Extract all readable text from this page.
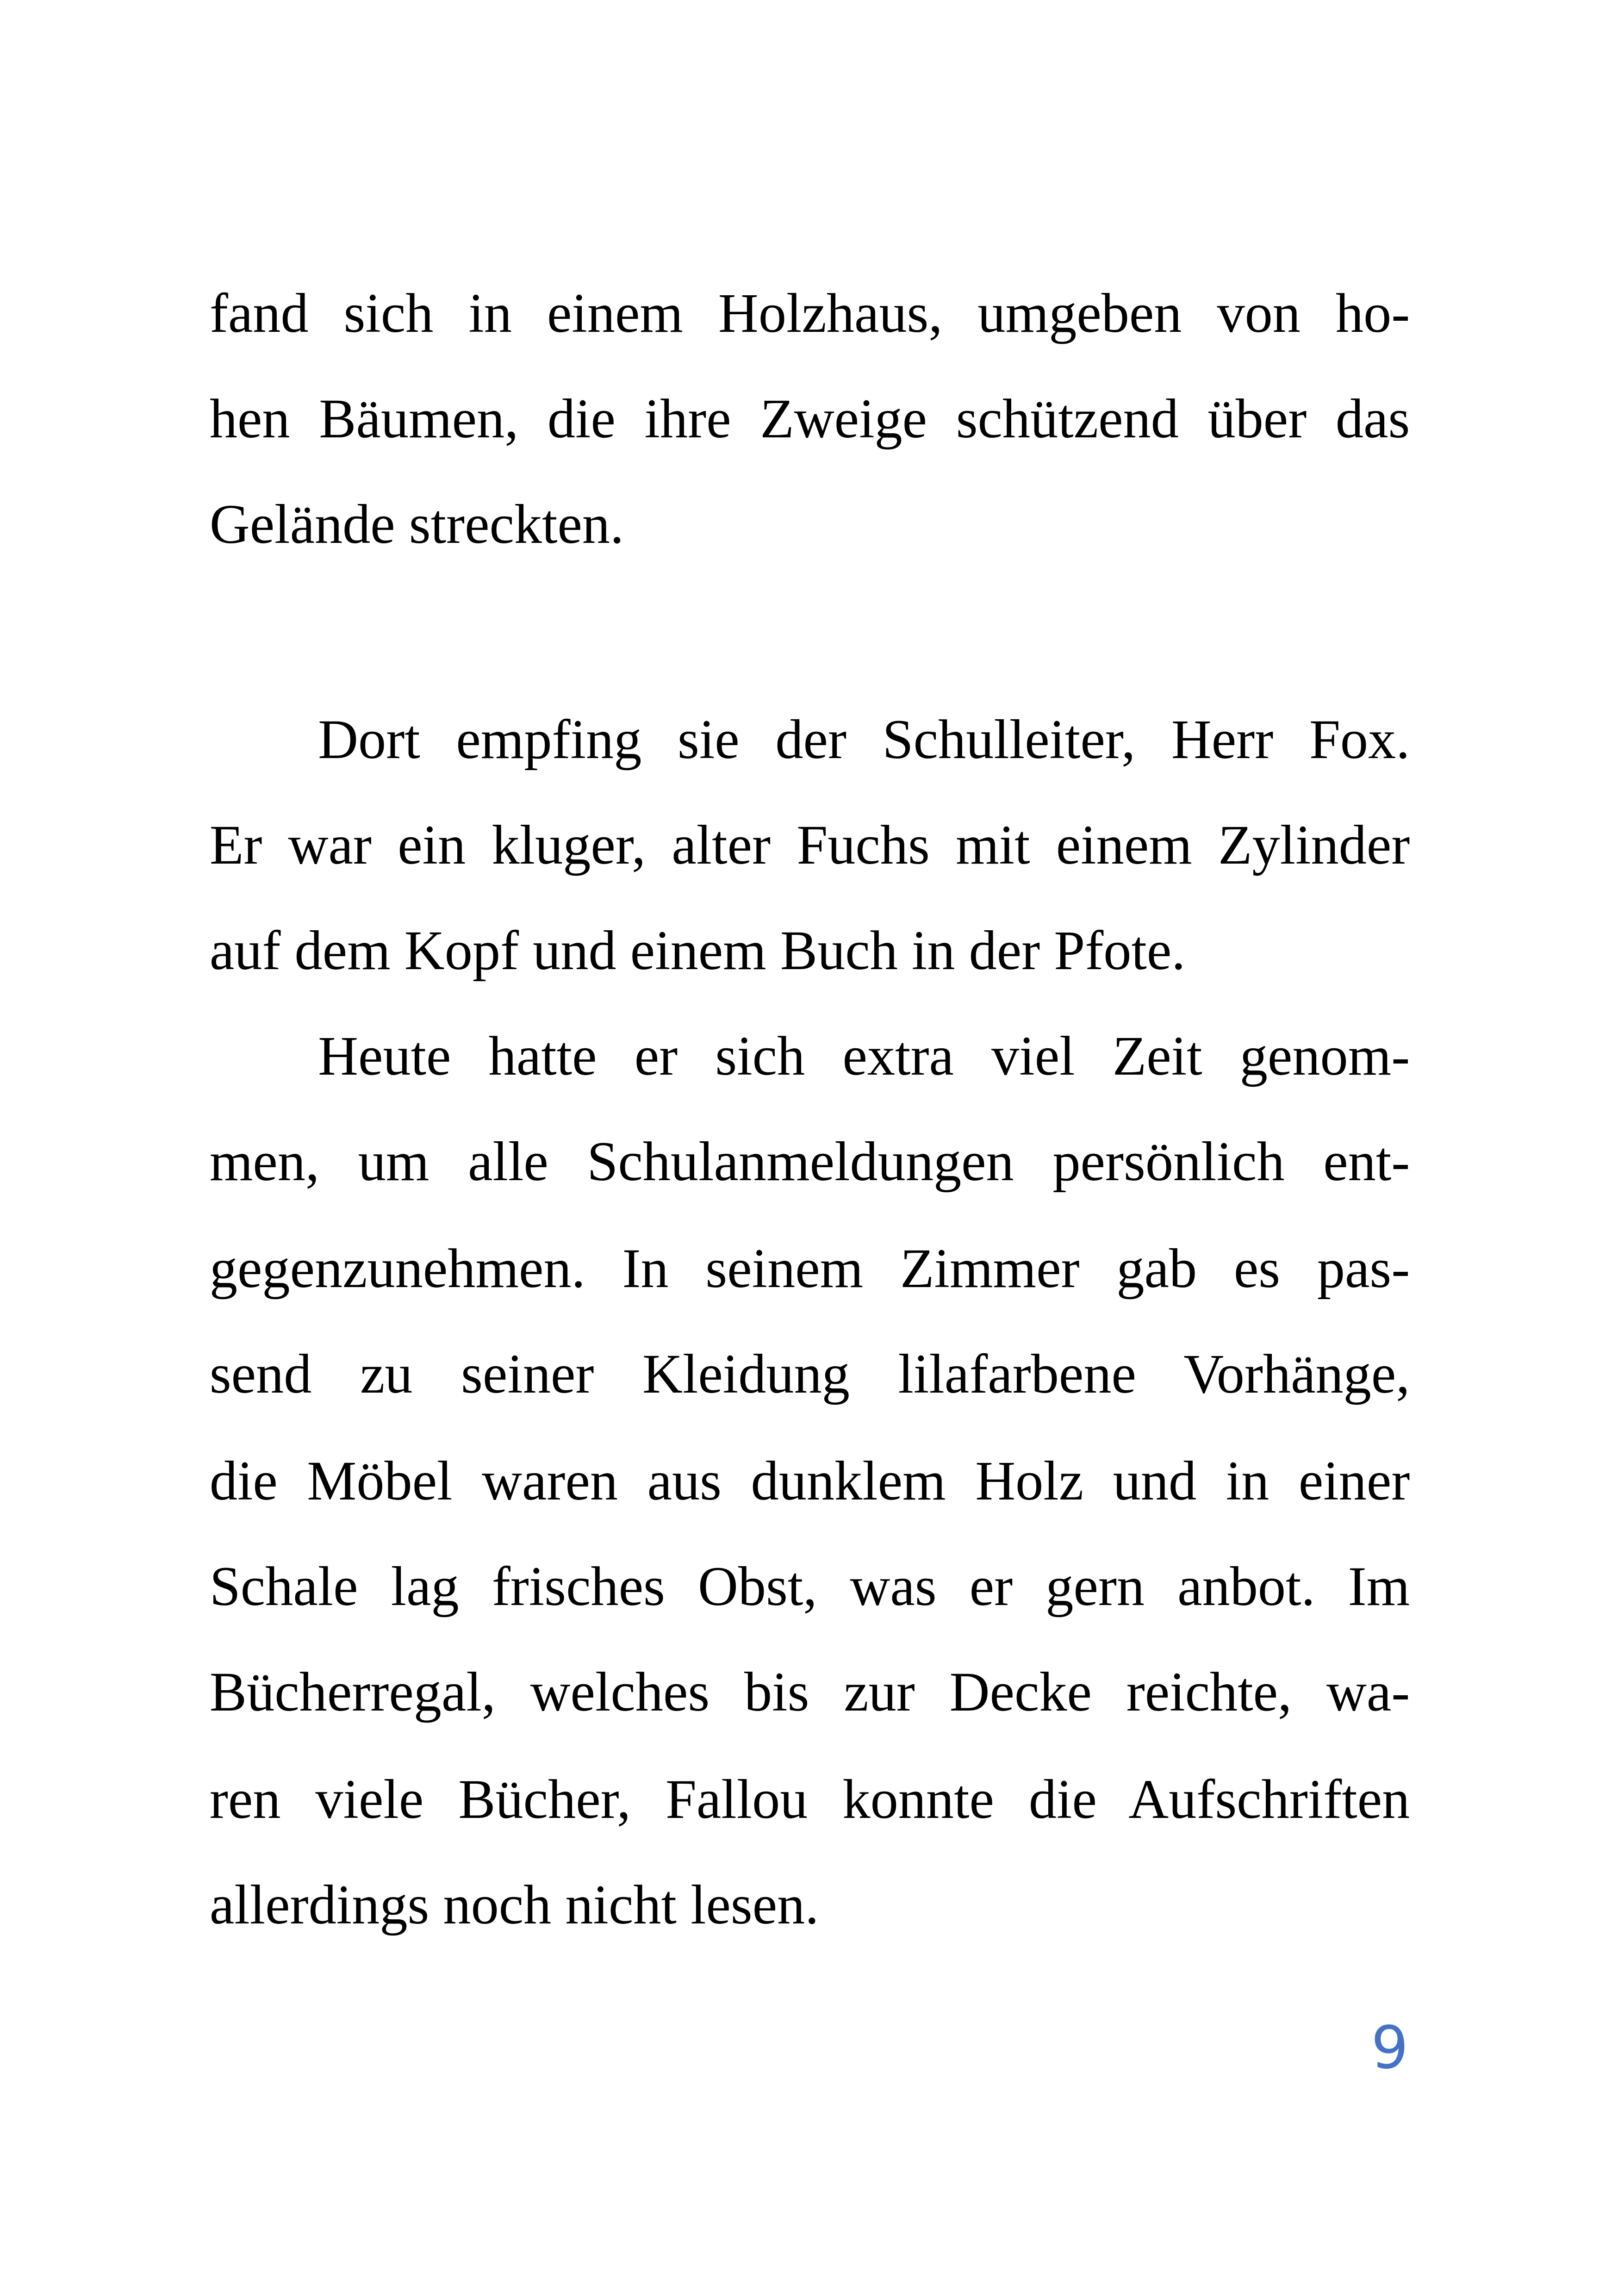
fand sich in einem Holzhaus, umgeben von ho-
hen Bäumen, die ihre Zweige schützend über das
Gelände streckten.
Dort empfing sie der Schulleiter, Herr Fox.
Er war ein kluger, alter Fuchs mit einem Zylinder
auf dem Kopf und einem Buch in der Pfote.
Heute hatte er sich extra viel Zeit genom-
men, um alle Schulanmeldungen persönlich ent-
gegenzunehmen. In seinem Zimmer gab es pas-
send zu seiner Kleidung lilafarbene Vorhänge,
die Möbel waren aus dunklem Holz und in einer
Schale lag frisches Obst, was er gern anbot. Im
Bücherregal, welches bis zur Decke reichte, wa-
ren viele Bücher, Fallou konnte die Aufschriften
allerdings noch nicht lesen.
9
